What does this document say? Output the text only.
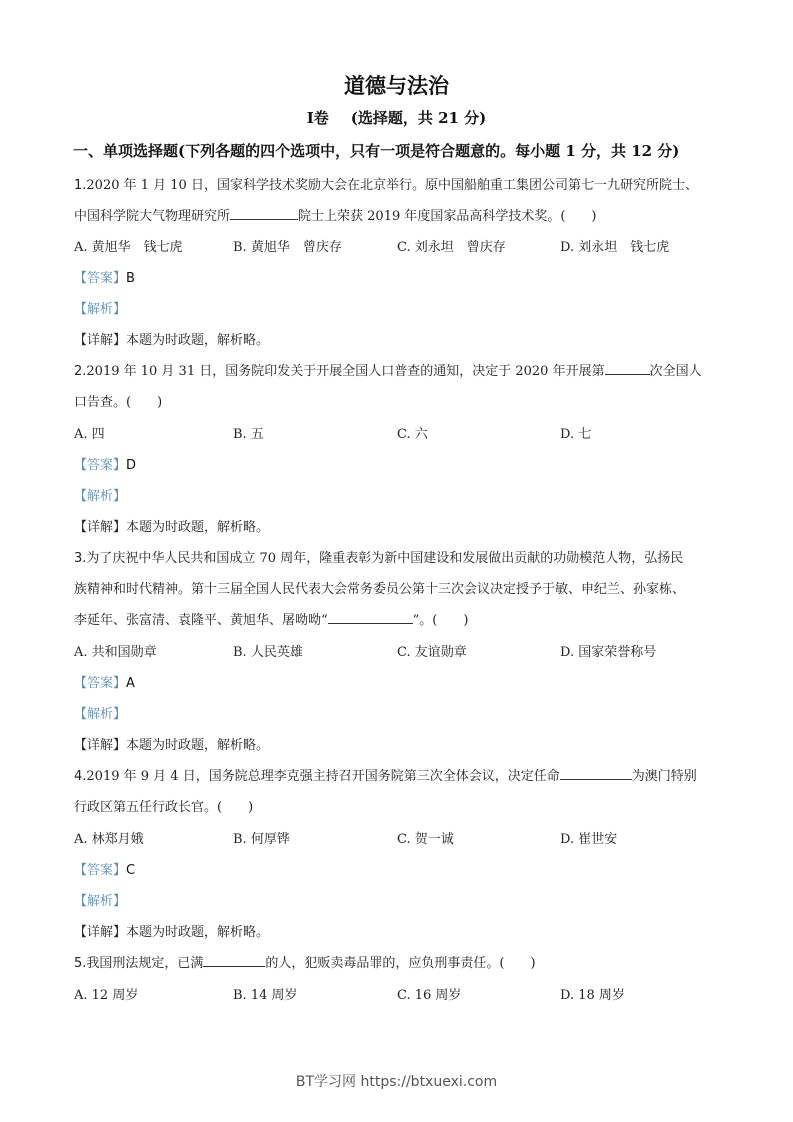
道德与法治
Ⅰ卷 (选择题，共 21 分)
一、单项选择题(下列各题的四个选项中，只有一项是符合题意的。每小题 1 分，共 12 分)
1.2020 年 1 月 10 日，国家科学技术奖励大会在北京举行。原中国船舶重工集团公司第七一九研究所院士、
中国科学院大气物理研究所	院士上荣获 2019 年度国家品高科学技术奖。(　　)
A. 黄旭华　钱七虎	B. 黄旭华　曾庆存	C. 刘永坦　曾庆存	D. 刘永坦　钱七虎
【答案】B
【解析】
【详解】本题为时政题，解析略。
2.2019 年 10 月 31 日，国务院印发关于开展全国人口普查的通知，决定于 2020 年开展第	次全国人
口告查。(　　)
A. 四	B. 五	C. 六	D. 七
【答案】D
【解析】
【详解】本题为时政题，解析略。
3.为了庆祝中华人民共和国成立 70 周年，隆重表彰为新中国建设和发展做出贡献的功勋模范人物，弘扬民
族精神和时代精神。第十三届全国人民代表大会常务委员公第十三次会议决定授予于敏、申纪兰、孙家栋、
李延年、张富清、袁隆平、黄旭华、屠呦呦“	”。(　　)
A. 共和国勋章	B. 人民英雄	C. 友谊勋章	D. 国家荣誉称号
【答案】A
【解析】
【详解】本题为时政题，解析略。
4.2019 年 9 月 4 日，国务院总理李克强主持召开国务院第三次全体会议，决定任命	为澳门特别
行政区第五任行政长官。(　　)
A. 林郑月娥	B. 何厚铧	C. 贺一诚	D. 崔世安
【答案】C
【解析】
【详解】本题为时政题，解析略。
5.我国刑法规定，已满	的人，犯贩卖毒品罪的，应负刑事责任。(　　)
A. 12 周岁	B. 14 周岁	C. 16 周岁	D. 18 周岁
BT学习网 https://btxuexi.com
